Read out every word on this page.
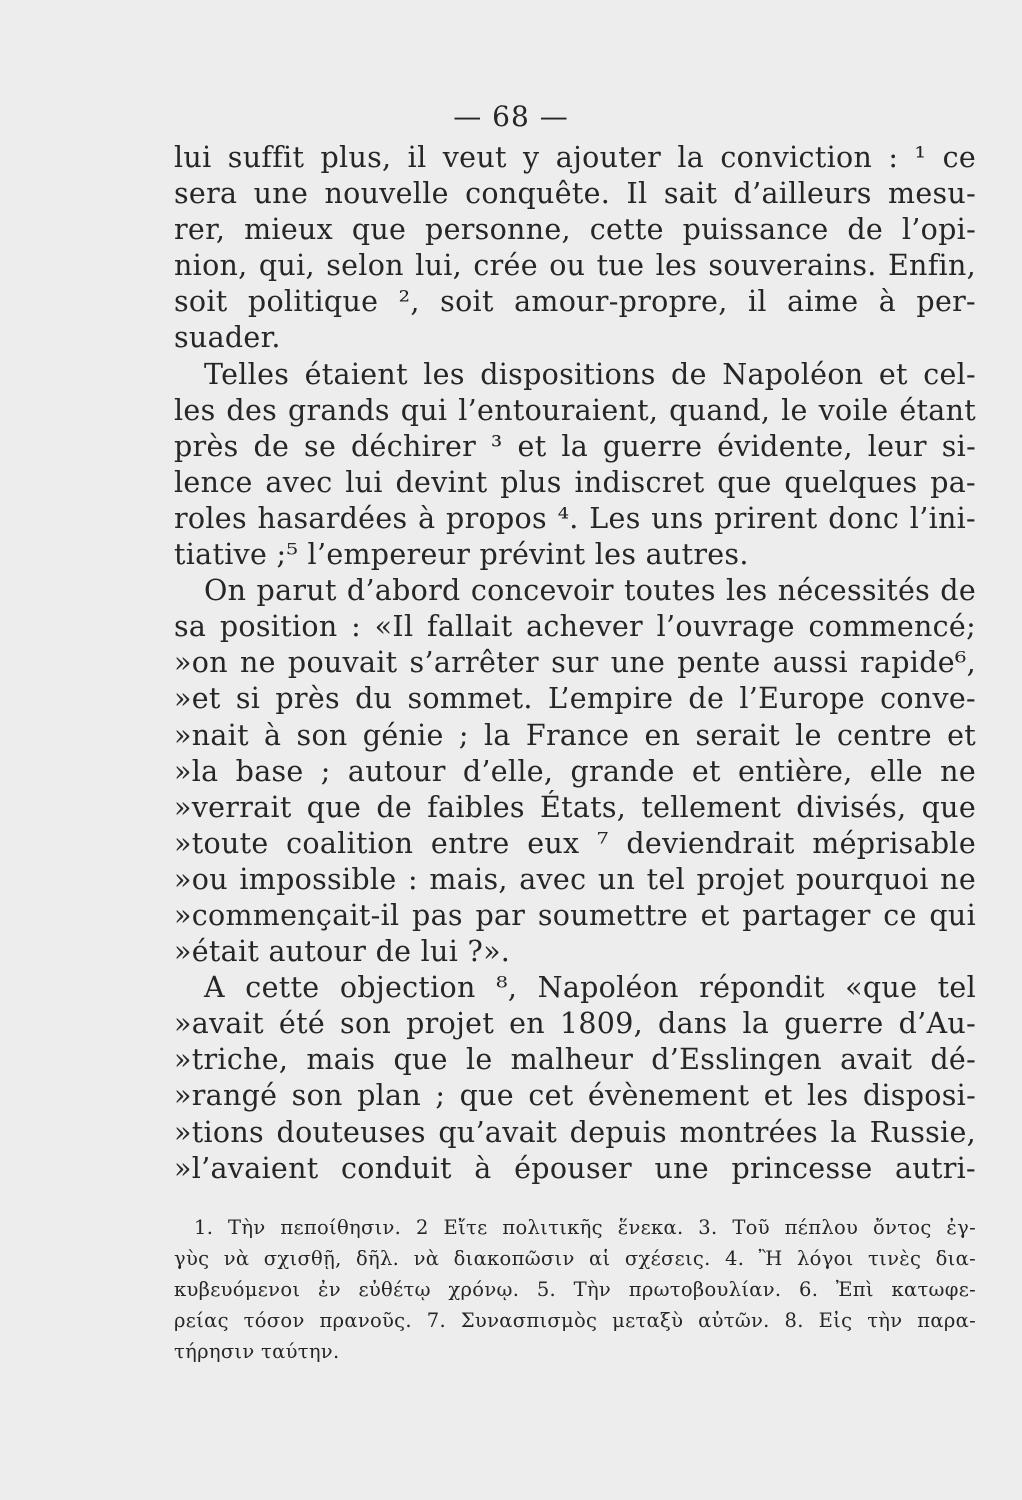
— 68 —
lui suffit plus, il veut y ajouter la conviction : ¹ ce
sera une nouvelle conquête. Il sait d’ailleurs mesu-
rer, mieux que personne, cette puissance de l’opi-
nion, qui, selon lui, crée ou tue les souverains. Enfin,
soit politique ², soit amour-propre, il aime à per-
suader.
Telles étaient les dispositions de Napoléon et cel-
les des grands qui l’entouraient, quand, le voile étant
près de se déchirer ³ et la guerre évidente, leur si-
lence avec lui devint plus indiscret que quelques pa-
roles hasardées à propos ⁴. Les uns prirent donc l’ini-
tiative ;⁵ l’empereur prévint les autres.
On parut d’abord concevoir toutes les nécessités de
sa position : «Il fallait achever l’ouvrage commencé;
»on ne pouvait s’arrêter sur une pente aussi rapide⁶,
»et si près du sommet. L’empire de l’Europe conve-
»nait à son génie ; la France en serait le centre et
»la base ; autour d’elle, grande et entière, elle ne
»verrait que de faibles États, tellement divisés, que
»toute coalition entre eux ⁷ deviendrait méprisable
»ou impossible : mais, avec un tel projet pourquoi ne
»commençait-il pas par soumettre et partager ce qui
»était autour de lui ?».
A cette objection ⁸, Napoléon répondit «que tel
»avait été son projet en 1809, dans la guerre d’Au-
»triche, mais que le malheur d’Esslingen avait dé-
»rangé son plan ; que cet évènement et les disposi-
»tions douteuses qu’avait depuis montrées la Russie,
»l’avaient conduit à épouser une princesse autri-
1. Τὴν πεποίθησιν. 2 Εἴτε πολιτικῆς ἕνεκα. 3. Τοῦ πέπλου ὄντος ἐγ-
γὺς νὰ σχισθῇ, δῆλ. νὰ διακοπῶσιν αἱ σχέσεις. 4. Ἢ λόγοι τινὲς δια-
κυβευόμενοι ἐν εὐθέτῳ χρόνῳ. 5. Τὴν πρωτοβουλίαν. 6. Ἐπὶ κατωφε-
ρείας τόσον πρανοῦς. 7. Συνασπισμὸς μεταξὺ αὐτῶν. 8. Εἰς τὴν παρα-
τήρησιν ταύτην.
